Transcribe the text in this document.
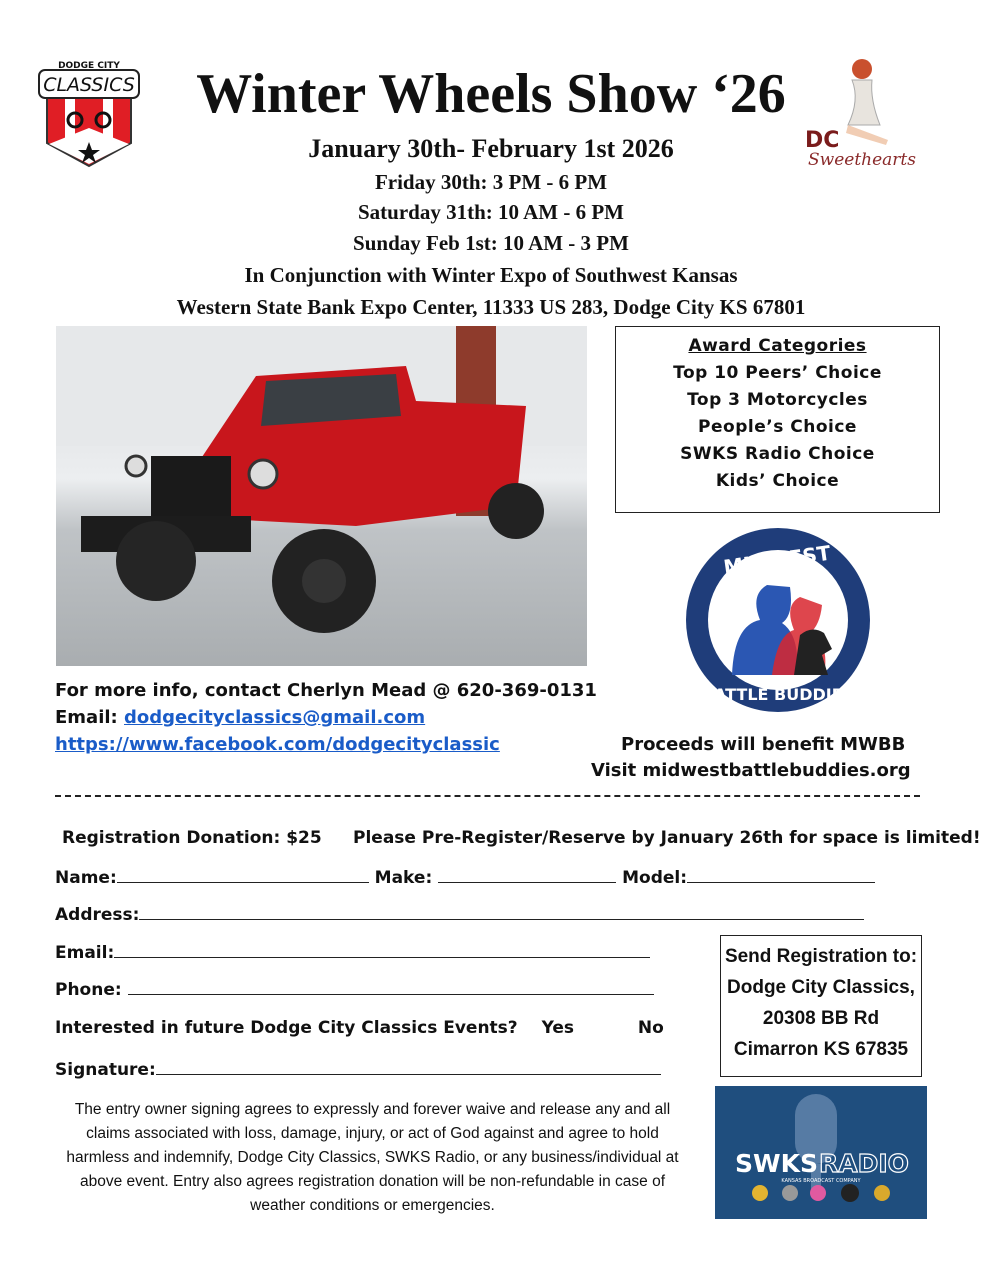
CLASSICS
DODGE CITY
DC
Sweethearts
Winter Wheels Show ‘26
January 30th- February 1st 2026
Friday 30th: 3 PM - 6 PM
Saturday 31th: 10 AM - 6 PM
Sunday Feb 1st: 10 AM - 3 PM
In Conjunction with Winter Expo of Southwest Kansas
Western State Bank Expo Center, 11333 US 283, Dodge City KS 67801
Award Categories
Top 10 Peers’ Choice
Top 3 Motorcycles
People’s Choice
SWKS Radio Choice
Kids’ Choice
MIDWEST
BATTLE BUDDIES
For more info, contact Cherlyn Mead @ 620-369-0131
Email: dodgecityclassics@gmail.com
https://www.facebook.com/dodgecityclassic	Proceeds will benefit MWBB
Visit midwestbattlebuddies.org
Registration Donation: $25 Please Pre-Register/Reserve by January 26th for space is limited!
Name:	Make:	Model:
Address:
Email:
Phone:
Interested in future Dodge City Classics Events? Yes	No
Signature:
Send Registration to:
Dodge City Classics,
20308 BB Rd
Cimarron KS 67835
The entry owner signing agrees to expressly and forever waive and release any and all claims associated with loss, damage, injury, or act of God against and agree to hold harmless and indemnify, Dodge City Classics, SWKS Radio, or any business/individual at above event. Entry also agrees registration donation will be non-refundable in case of weather conditions or emergencies.
SWKS RADIO
KANSAS BROADCAST COMPANY
